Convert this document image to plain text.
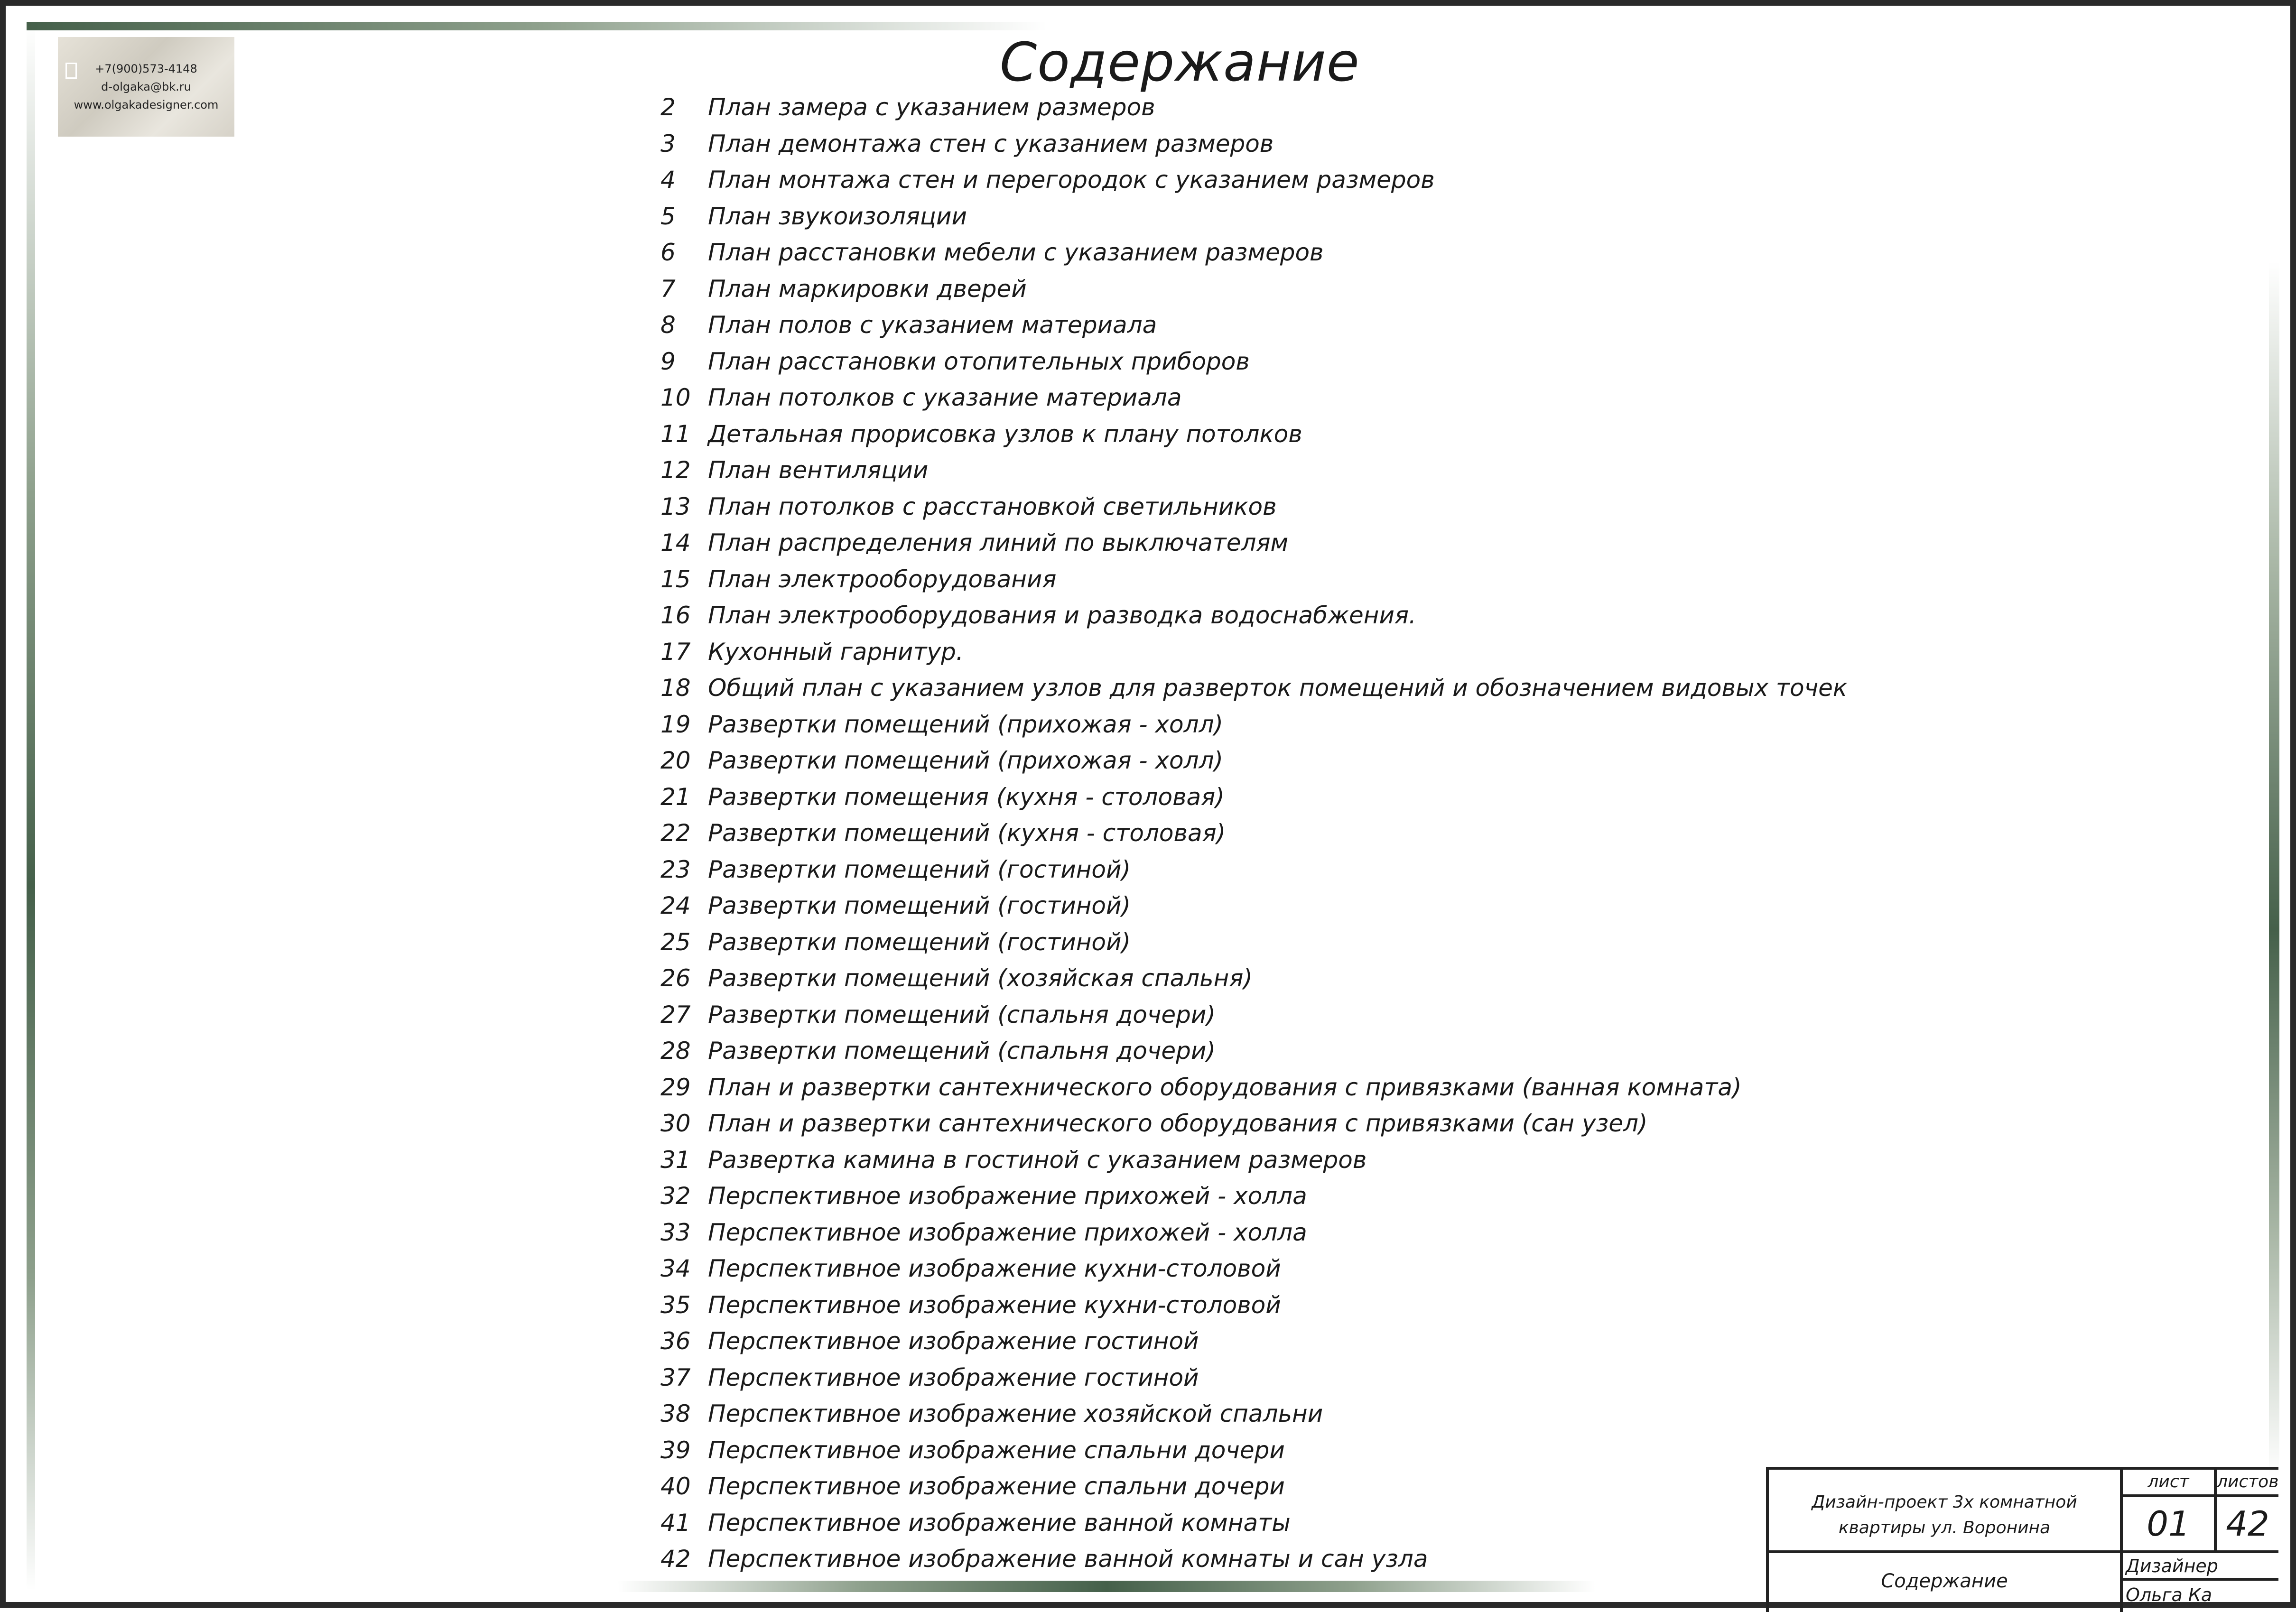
+7(900)573-4148
d-olgaka@bk.ru
www.olgakadesigner.com
Содержание
2 План замера с указанием размеров
3 План демонтажа стен с указанием размеров
4 План монтажа стен и перегородок с указанием размеров
5 План звукоизоляции
6 План расстановки мебели с указанием размеров
7 План маркировки дверей
8 План полов с указанием материала
9 План расстановки отопительных приборов
10 План потолков с указание материала
11 Детальная прорисовка узлов к плану потолков
12 План вентиляции
13 План потолков с расстановкой светильников
14 План распределения линий по выключателям
15 План электрооборудования
16 План электрооборудования и разводка водоснабжения.
17 Кухонный гарнитур.
18 Общий план с указанием узлов для разверток помещений и обозначением видовых точек
19 Развертки помещений (прихожая - холл)
20 Развертки помещений (прихожая - холл)
21 Развертки помещения (кухня - столовая)
22 Развертки помещений (кухня - столовая)
23 Развертки помещений (гостиной)
24 Развертки помещений (гостиной)
25 Развертки помещений (гостиной)
26 Развертки помещений (хозяйская спальня)
27 Развертки помещений (спальня дочери)
28 Развертки помещений (спальня дочери)
29 План и развертки сантехнического оборудования с привязками (ванная комната)
30 План и развертки сантехнического оборудования с привязками (сан узел)
31 Развертка камина в гостиной с указанием размеров
32 Перспективное изображение прихожей - холла
33 Перспективное изображение прихожей - холла
34 Перспективное изображение кухни-столовой
35 Перспективное изображение кухни-столовой
36 Перспективное изображение гостиной
37 Перспективное изображение гостиной
38 Перспективное изображение хозяйской спальни
39 Перспективное изображение спальни дочери
40 Перспективное изображение спальни дочери
41 Перспективное изображение ванной комнаты
42 Перспективное изображение ванной комнаты и сан узла
Дизайн-проект 3х комнатной
квартиры ул. Воронина
лист	листов
01	42
Содержание
Дизайнер
Ольга Ка
